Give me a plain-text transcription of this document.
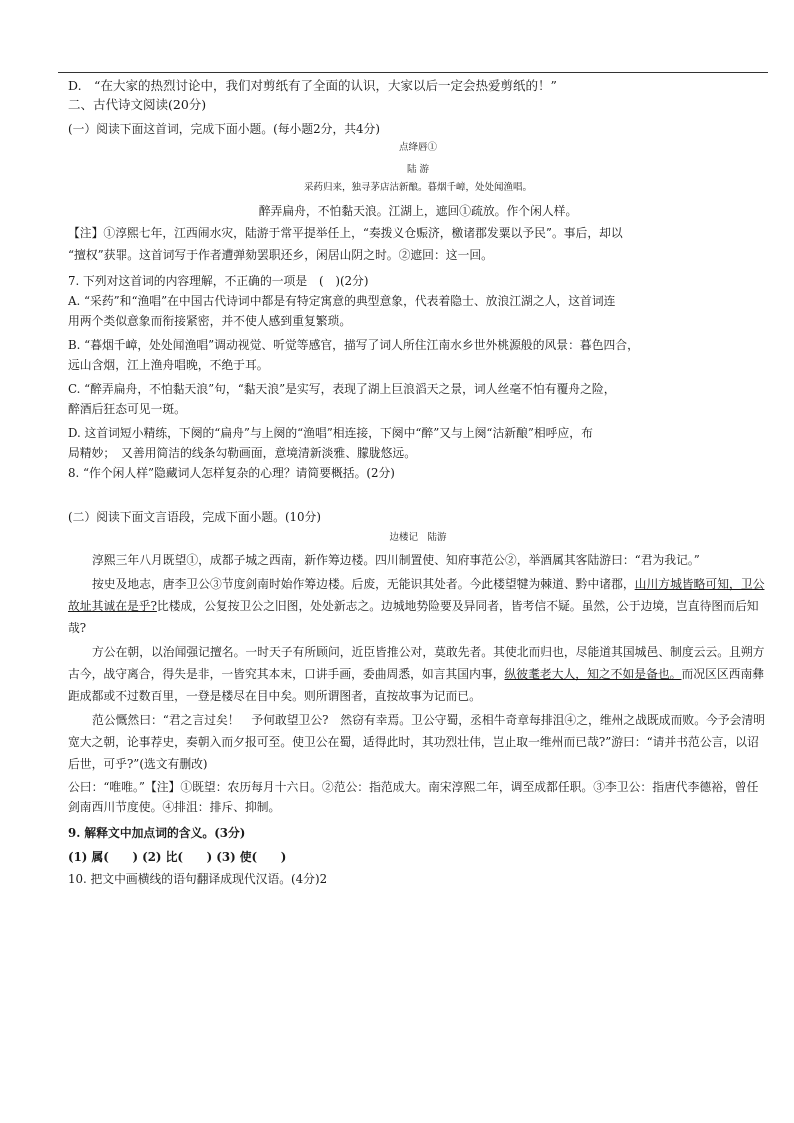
D.　“在大家的热烈讨论中，我们对剪纸有了全面的认识，大家以后一定会热爱剪纸的！”

二、古代诗文阅读(20分)

(一）阅读下面这首词，完成下面小题。(每小题2分，共4分)

点绛唇①

陆 游

采药归来，独寻茅店沽新酿。暮烟千嶂，处处闻渔唱。

醉弄扁舟，不怕黏天浪。江湖上，遮回①疏放。作个闲人样。

【注】①淳熙七年，江西闹水灾，陆游于常平提举任上，“奏拨义仓赈济，檄诸郡发粟以予民”。事后，却以

“擅权”获罪。这首词写于作者遭弹劾罢职还乡，闲居山阴之时。②遮回：这一回。

7. 下列对这首词的内容理解，不正确的一项是　(　)(2分)

A. “采药”和“渔唱”在中国古代诗词中都是有特定寓意的典型意象，代表着隐士、放浪江湖之人，这首词连

用两个类似意象而衔接紧密，并不使人感到重复繁琐。

B. “暮烟千嶂，处处闻渔唱”调动视觉、听觉等感官，描写了词人所住江南水乡世外桃源般的风景：暮色四合，

远山含烟，江上渔舟唱晚，不绝于耳。

C. “醉弄扁舟，不怕黏天浪”句，“黏天浪”是实写，表现了湖上巨浪滔天之景，词人丝毫不怕有覆舟之险，

醉酒后狂态可见一斑。

D. 这首词短小精练，下阕的“扁舟”与上阕的“渔唱”相连接，下阕中“醉”又与上阕“沽新酿”相呼应，布

局精妙；　又善用简洁的线条勾勒画面，意境清新淡雅、朦胧悠远。

8. “作个闲人样”隐藏词人怎样复杂的心理？请简要概括。(2分)

(二）阅读下面文言语段，完成下面小题。(10分)

边楼记　陆游

淳熙三年八月既望①，成都子城之西南，新作筹边楼。四川制置使、知府事范公②，举酒属其客陆游曰：“君为我记。”

按史及地志，唐李卫公③节度剑南时始作筹边楼。后废，无能识其处者。今此楼望犍为棘道、黔中诸郡，山川方城皆略可知，卫公故址其诚在是乎?比楼成，公复按卫公之旧图，处处新志之。边城地势险要及异同者，皆考信不疑。虽然，公于边境，岂直待图而后知哉?

方公在朝，以治闻强记擅名。一时天子有所顾问，近臣皆推公对，莫敢先者。其使北而归也，尽能道其国城邑、制度云云。且朔方古今，战守离合，得失是非，一皆究其本末，口讲手画，委曲周悉，如言其国内事，纵彼耄老大人，知之不如是备也。而况区区西南彝距成都或不过数百里，一登是楼尽在目中矣。则所谓图者，直按故事为记而已。

范公慨然曰：“君之言过矣！　予何敢望卫公?　然窃有幸焉。卫公守蜀，丞相牛奇章每排沮④之，维州之战既成而败。今予会清明宽大之朝，论事荐史，奏朝入而夕报可至。使卫公在蜀，适得此时，其功烈壮伟，岂止取一维州而已哉?”游曰：“请并书范公言，以诏后世，可乎?”(选文有删改)

公曰：“唯唯。”【注】①既望：农历每月十六日。②范公：指范成大。南宋淳熙二年，调至成都任职。③李卫公：指唐代李德裕，曾任剑南西川节度使。④排沮：排斥、抑制。

9. 解释文中加点词的含义。(3分)

(1) 属(　　) (2) 比(　　) (3) 使(　　)

10. 把文中画横线的语句翻译成现代汉语。(4分)2
